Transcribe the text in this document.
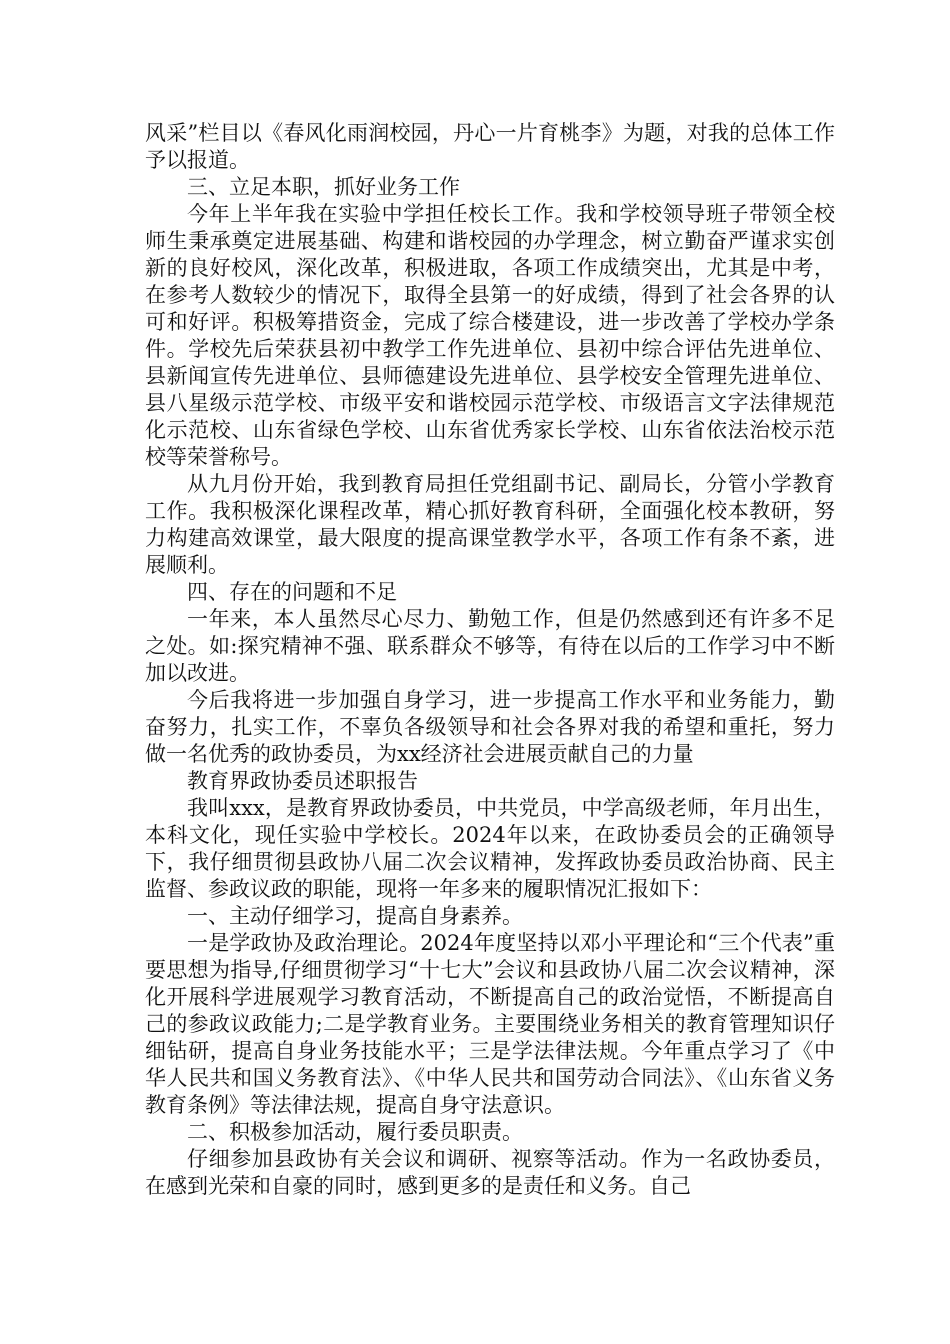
风采”栏目以《春风化雨润校园，丹心一片育桃李》为题，对我的总体工作予以报道。

三、立足本职，抓好业务工作

今年上半年我在实验中学担任校长工作。我和学校领导班子带领全校师生秉承奠定进展基础、构建和谐校园的办学理念，树立勤奋严谨求实创新的良好校风，深化改革，积极进取，各项工作成绩突出，尤其是中考，在参考人数较少的情况下，取得全县第一的好成绩，得到了社会各界的认可和好评。积极筹措资金，完成了综合楼建设，进一步改善了学校办学条件。学校先后荣获县初中教学工作先进单位、县初中综合评估先进单位、县新闻宣传先进单位、县师德建设先进单位、县学校安全管理先进单位、县八星级示范学校、市级平安和谐校园示范学校、市级语言文字法律规范化示范校、山东省绿色学校、山东省优秀家长学校、山东省依法治校示范校等荣誉称号。

从九月份开始，我到教育局担任党组副书记、副局长，分管小学教育工作。我积极深化课程改革，精心抓好教育科研，全面强化校本教研，努力构建高效课堂，最大限度的提高课堂教学水平，各项工作有条不紊，进展顺利。

四、存在的问题和不足

一年来，本人虽然尽心尽力、勤勉工作，但是仍然感到还有许多不足之处。如:探究精神不强、联系群众不够等，有待在以后的工作学习中不断加以改进。

今后我将进一步加强自身学习，进一步提高工作水平和业务能力，勤奋努力，扎实工作，不辜负各级领导和社会各界对我的希望和重托，努力做一名优秀的政协委员，为xx经济社会进展贡献自己的力量

教育界政协委员述职报告

我叫xxx，是教育界政协委员，中共党员，中学高级老师，年月出生，本科文化，现任实验中学校长。2024年以来，在政协委员会的正确领导下，我仔细贯彻县政协八届二次会议精神，发挥政协委员政治协商、民主监督、参政议政的职能，现将一年多来的履职情况汇报如下：

一、主动仔细学习，提高自身素养。

一是学政协及政治理论。2024年度坚持以邓小平理论和“三个代表”重要思想为指导,仔细贯彻学习“十七大”会议和县政协八届二次会议精神，深化开展科学进展观学习教育活动，不断提高自己的政治觉悟，不断提高自己的参政议政能力;二是学教育业务。主要围绕业务相关的教育管理知识仔细钻研，提高自身业务技能水平；三是学法律法规。今年重点学习了《中华人民共和国义务教育法》、《中华人民共和国劳动合同法》、《山东省义务教育条例》等法律法规，提高自身守法意识。

二、积极参加活动，履行委员职责。

仔细参加县政协有关会议和调研、视察等活动。作为一名政协委员，在感到光荣和自豪的同时，感到更多的是责任和义务。自己
